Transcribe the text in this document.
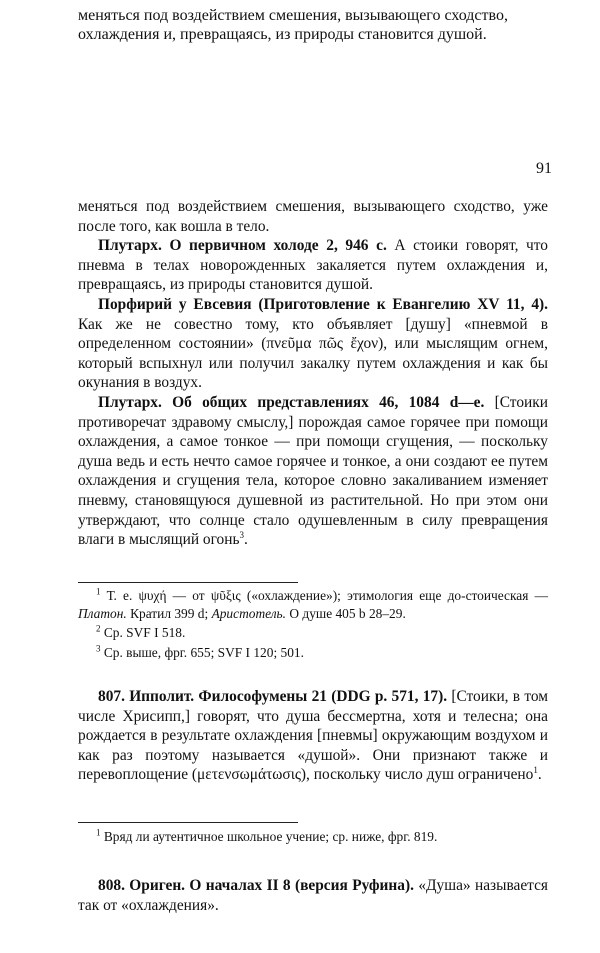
меняться под воздействием смешения, вызывающего сходство,
охлаждения и, превращаясь, из природы становится душой.
91

меняться под воздействием смешения, вызывающего сходство, уже после того, как вошла в тело.

Плутарх. О первичном холоде 2, 946 с. А стоики говорят, что пневма в телах новорожденных закаляется путем охлаждения и, превращаясь, из природы становится душой.

Порфирий у Евсевия (Приготовление к Евангелию XV 11, 4). Как же не совестно тому, кто объявляет [душу] «пневмой в определенном состоянии» (πνεῦμα πῶς ἔχον), или мыслящим огнем, который вспыхнул или получил закалку путем охлаждения и как бы окунания в воздух.

Плутарх. Об общих представлениях 46, 1084 d—e. [Стоики противоречат здравому смыслу,] порождая самое горячее при помощи охлаждения, а самое тонкое — при помощи сгущения, — поскольку душа ведь и есть нечто самое горячее и тонкое, а они создают ее путем охлаждения и сгущения тела, которое словно закаливанием изменяет пневму, становящуюся душевной из растительной. Но при этом они утверждают, что солнце стало одушевленным в силу превращения влаги в мыслящий огонь$^3$.

$^1$ Т. е. ψυχή — от ψῦξις («охлаждение»); этимология еще до-стоическая — Платон. Кратил 399 d; Аристотель. О душе 405 b 28–29.

$^2$ Ср. SVF I 518.

$^3$ Ср. выше, фрг. 655; SVF I 120; 501.

807. Ипполит. Философумены 21 (DDG p. 571, 17). [Стоики, в том числе Хрисипп,] говорят, что душа бессмертна, хотя и телесна; она рождается в результате охлаждения [пневмы] окружающим воздухом и как раз поэтому называется «душой». Они признают также и перевоплощение (μετενσωμάτωσις), поскольку число душ ограничено$^1$.

$^1$ Вряд ли аутентичное школьное учение; ср. ниже, фрг. 819.

808. Ориген. О началах II 8 (версия Руфина). «Душа» называется так от «охлаждения».
